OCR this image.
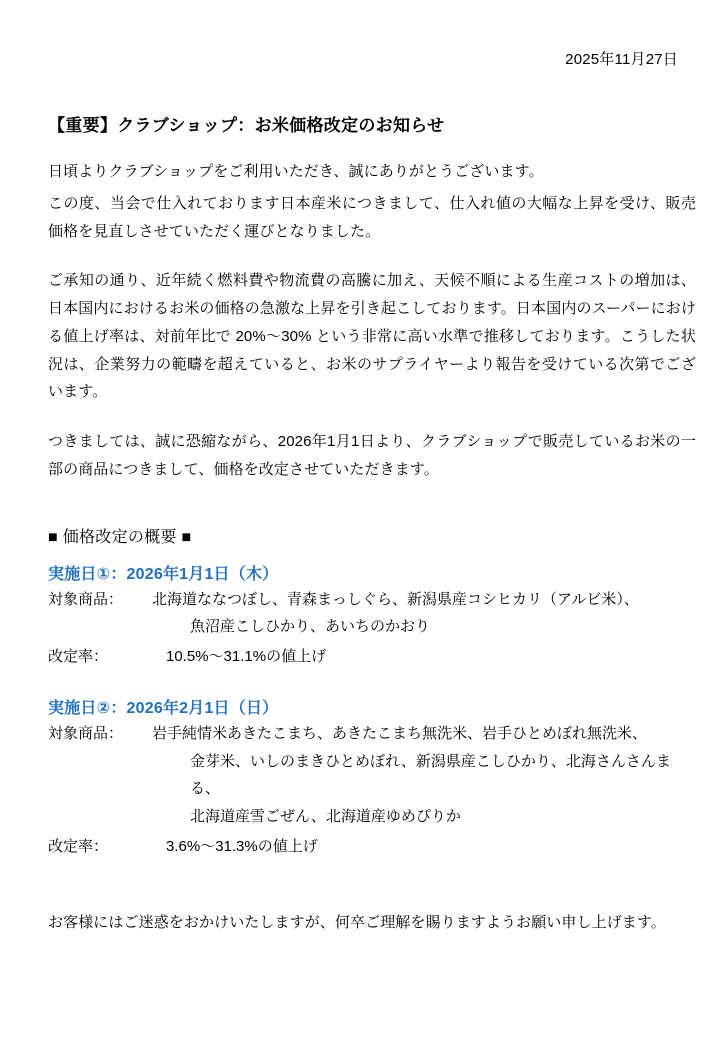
2025年11月27日
【重要】クラブショップ：お米価格改定のお知らせ
日頃よりクラブショップをご利用いただき、誠にありがとうございます。
この度、当会で仕入れております日本産米につきまして、仕入れ値の大幅な上昇を受け、販売価格を見直しさせていただく運びとなりました。
ご承知の通り、近年続く燃料費や物流費の高騰に加え、天候不順による生産コストの増加は、日本国内におけるお米の価格の急激な上昇を引き起こしております。日本国内のスーパーにおける値上げ率は、対前年比で 20%～30% という非常に高い水準で推移しております。こうした状況は、企業努力の範疇を超えていると、お米のサプライヤーより報告を受けている次第でございます。
つきましては、誠に恐縮ながら、2026年1月1日より、クラブショップで販売しているお米の一部の商品につきまして、価格を改定させていただきます。
■ 価格改定の概要 ■
実施日①：2026年1月1日（木）
対象商品：	北海道ななつぼし、青森まっしぐら、新潟県産コシヒカリ（アルビ米）、
魚沼産こしひかり、あいちのかおり
改定率：	10.5%～31.1%の値上げ
実施日②：2026年2月1日（日）
対象商品：	岩手純情米あきたこまち、あきたこまち無洗米、岩手ひとめぼれ無洗米、
金芽米、いしのまきひとめぼれ、新潟県産こしひかり、北海さんさんまる、
北海道産雪ごぜん、北海道産ゆめぴりか
改定率：	3.6%～31.3%の値上げ
お客様にはご迷惑をおかけいたしますが、何卒ご理解を賜りますようお願い申し上げます。
